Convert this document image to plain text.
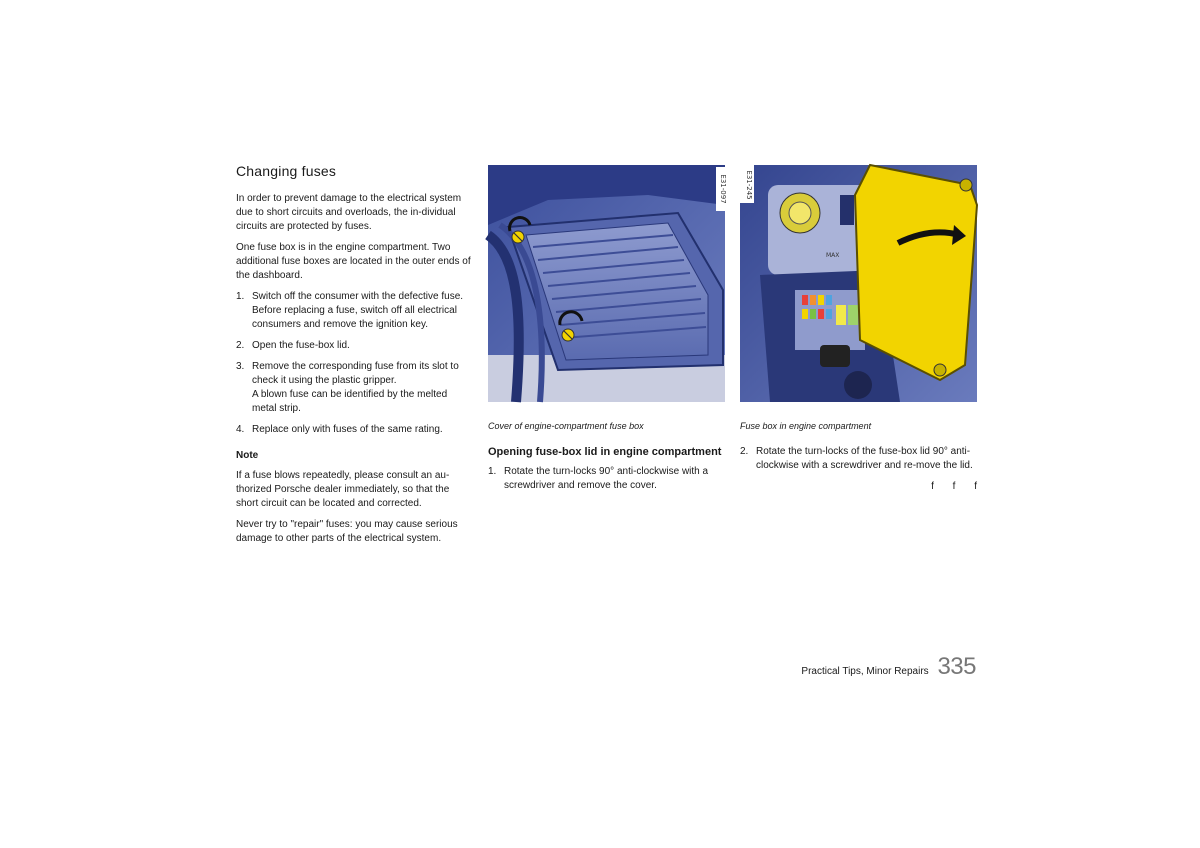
Changing fuses

In order to prevent damage to the electrical system due to short circuits and overloads, the in-dividual circuits are protected by fuses.

One fuse box is in the engine compartment. Two additional fuse boxes are located in the outer ends of the dashboard.

1. Switch off the consumer with the defective fuse. Before replacing a fuse, switch off all electrical consumers and remove the ignition key.
2. Open the fuse-box lid.
3. Remove the corresponding fuse from its slot to check it using the plastic gripper.
A blown fuse can be identified by the melted metal strip.
4. Replace only with fuses of the same rating.
Note

If a fuse blows repeatedly, please consult an au-thorized Porsche dealer immediately, so that the short circuit can be located and corrected.

Never try to "repair" fuses: you may cause serious damage to other parts of the electrical system.

E31-097
Cover of engine-compartment fuse box
Opening fuse-box lid in engine compartment
1. Rotate the turn-locks 90° anti-clockwise with a screwdriver and remove the cover.
MAX
E31-245
Fuse box in engine compartment
2. Rotate the turn-locks of the fuse-box lid 90° anti-clockwise with a screwdriver and re-move the lid.
f f f
Practical Tips, Minor Repairs 335
